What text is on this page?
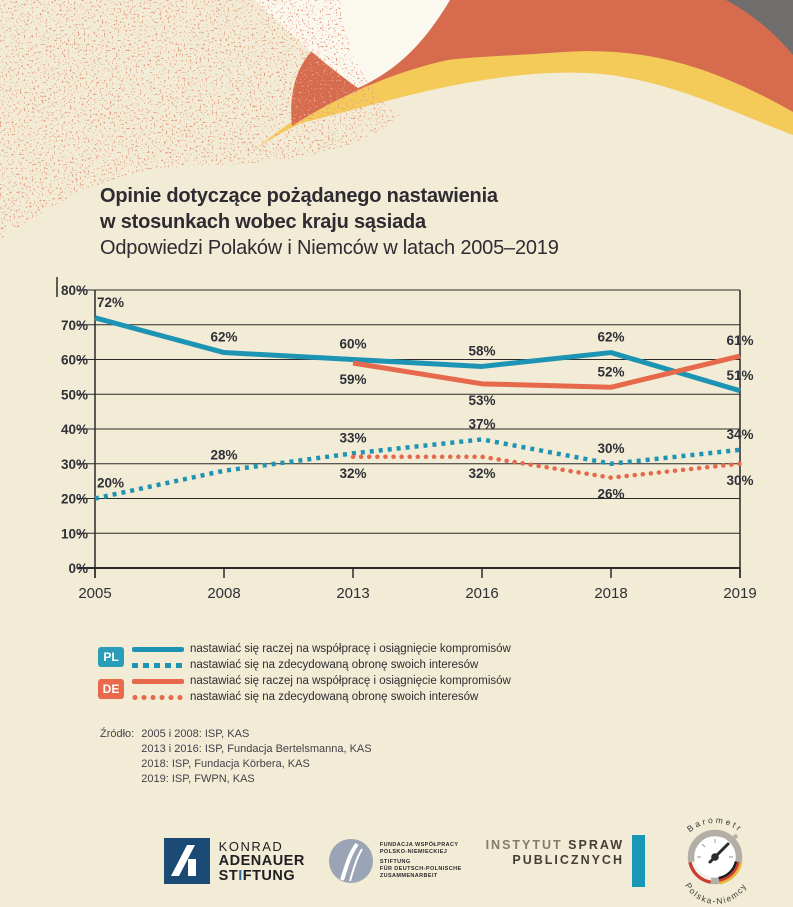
Opinie dotyczące pożądanego nastawienia
w stosunkach wobec kraju sąsiada
Odpowiedzi Polaków i Niemców w latach 2005–2019
0%
10%
20%
30%
40%
50%
60%
70%
80%
2005	2008	2013	2016	2018	2019
72%
62%	60%	58%
62%
51%
20%
28%
33%
37%
30%
34%
59%
53%
52%
61%
32%	32%
26%
30%
PL
nastawiać się raczej na współpracę i osiągnięcie kompromisów
nastawiać się na zdecydowaną obronę swoich interesów
DE
nastawiać się raczej na współpracę i osiągnięcie kompromisów
nastawiać się na zdecydowaną obronę swoich interesów
Źródło: 2005 i 2008: ISP, KAS
2013 i 2016: ISP, Fundacja Bertelsmanna, KAS
2018: ISP, Fundacja Körbera, KAS
2019: ISP, FWPN, KAS
KONRAD
ADENAUER
STIFTUNG
FUNDACJA WSPÓŁPRACY
POLSKO-NIEMIECKIEJ
STIFTUNG
FÜR DEUTSCH-POLNISCHE
ZUSAMMENARBEIT
INSTYTUT SPRAW
PUBLICZNYCH
Barometr
Polska-Niemcy
